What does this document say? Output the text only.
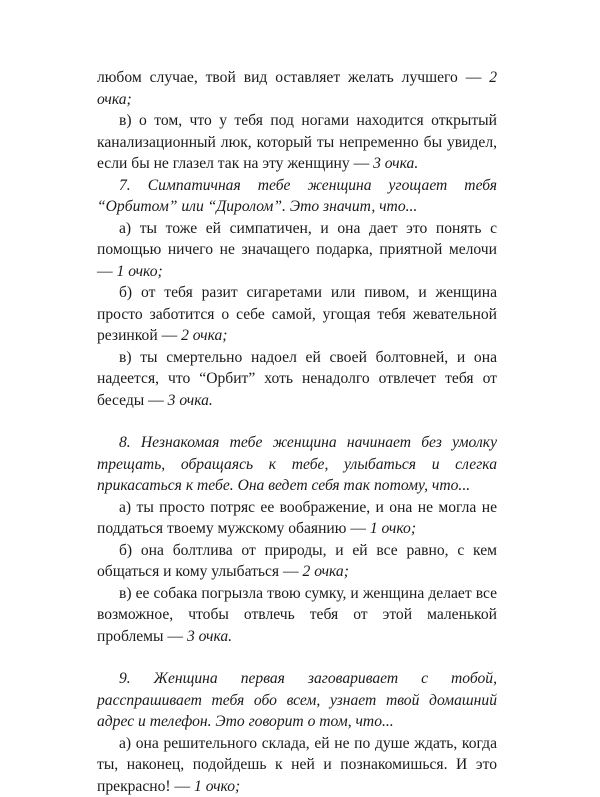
любом случае, твой вид оставляет желать лучшего — 2 очка;

в) о том, что у тебя под ногами находится открытый канализационный люк, который ты непременно бы увидел, если бы не глазел так на эту женщину — 3 очка.

7. Симпатичная тебе женщина угощает тебя “Орбитом” или “Диролом”. Это значит, что...

а) ты тоже ей симпатичен, и она дает это понять с помощью ничего не значащего подарка, приятной мелочи — 1 очко;

б) от тебя разит сигаретами или пивом, и женщина просто заботится о себе самой, угощая тебя жевательной резинкой — 2 очка;

в) ты смертельно надоел ей своей болтовней, и она надеется, что “Орбит” хоть ненадолго отвлечет тебя от беседы — 3 очка.

8. Незнакомая тебе женщина начинает без умолку трещать, обращаясь к тебе, улыбаться и слегка прикасаться к тебе. Она ведет себя так потому, что...

а) ты просто потряс ее воображение, и она не могла не поддаться твоему мужскому обаянию — 1 очко;

б) она болтлива от природы, и ей все равно, с кем общаться и кому улыбаться — 2 очка;

в) ее собака погрызла твою сумку, и женщина делает все возможное, чтобы отвлечь тебя от этой маленькой проблемы — 3 очка.

9. Женщина первая заговаривает с тобой, расспрашивает тебя обо всем, узнает твой домашний адрес и телефон. Это говорит о том, что...

а) она решительного склада, ей не по душе ждать, когда ты, наконец, подойдешь к ней и познакомишься. И это прекрасно! — 1 очко;
